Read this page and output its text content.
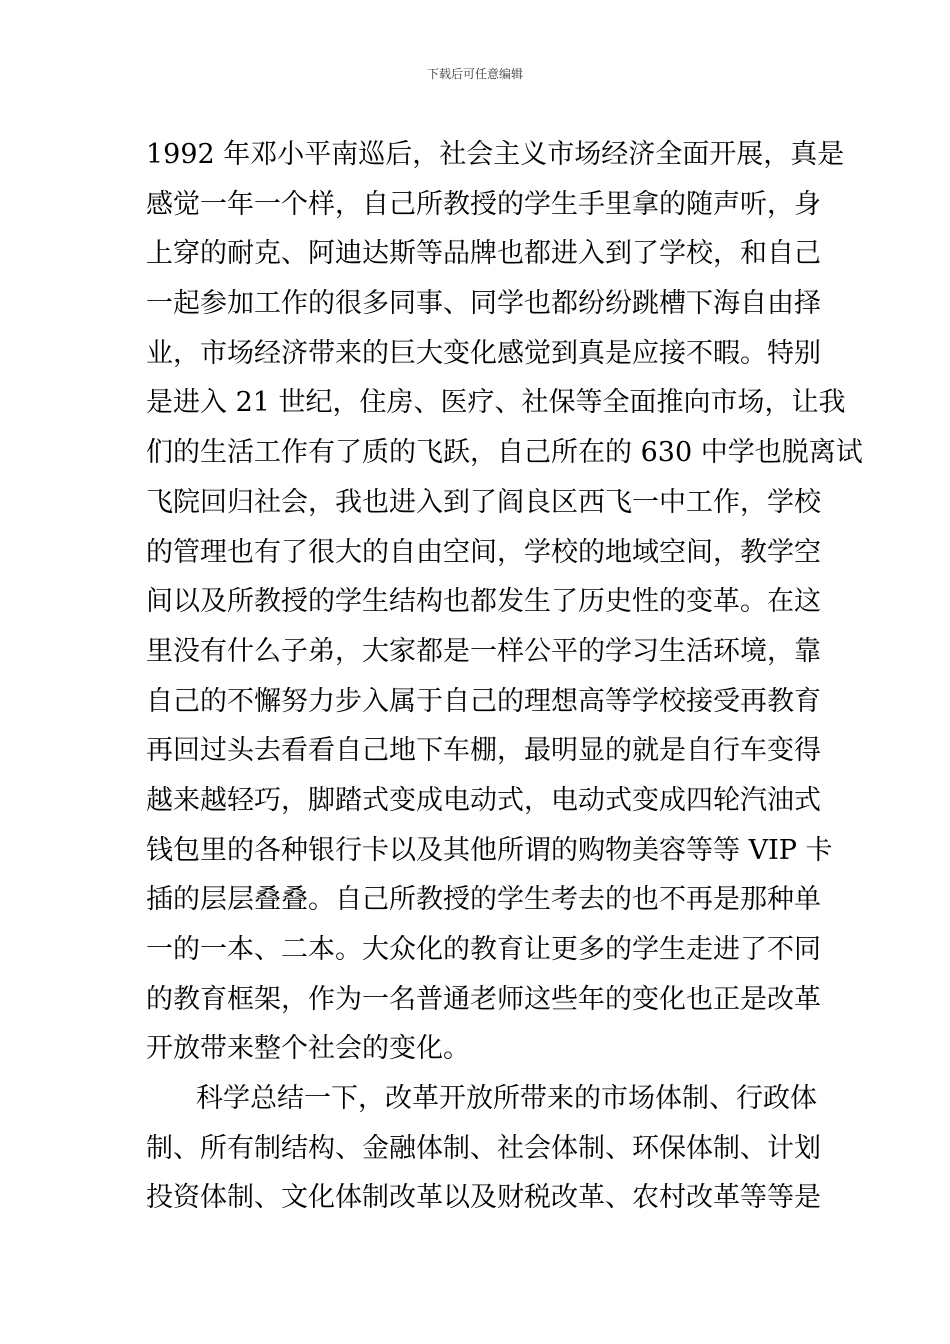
下载后可任意编辑
1992 年邓小平南巡后，社会主义市场经济全面开展，真是
感觉一年一个样，自己所教授的学生手里拿的随声听，身
上穿的耐克、阿迪达斯等品牌也都进入到了学校，和自己
一起参加工作的很多同事、同学也都纷纷跳槽下海自由择
业，市场经济带来的巨大变化感觉到真是应接不暇。特别
是进入 21 世纪，住房、医疗、社保等全面推向市场，让我
们的生活工作有了质的飞跃，自己所在的 630 中学也脱离试
飞院回归社会，我也进入到了阎良区西飞一中工作，学校
的管理也有了很大的自由空间，学校的地域空间，教学空
间以及所教授的学生结构也都发生了历史性的变革。在这
里没有什么子弟，大家都是一样公平的学习生活环境，靠
自己的不懈努力步入属于自己的理想高等学校接受再教育
再回过头去看看自己地下车棚，最明显的就是自行车变得
越来越轻巧，脚踏式变成电动式，电动式变成四轮汽油式
钱包里的各种银行卡以及其他所谓的购物美容等等 VIP 卡
插的层层叠叠。自己所教授的学生考去的也不再是那种单
一的一本、二本。大众化的教育让更多的学生走进了不同
的教育框架，作为一名普通老师这些年的变化也正是改革
开放带来整个社会的变化。
科学总结一下，改革开放所带来的市场体制、行政体
制、所有制结构、金融体制、社会体制、环保体制、计划
投资体制、文化体制改革以及财税改革、农村改革等等是
